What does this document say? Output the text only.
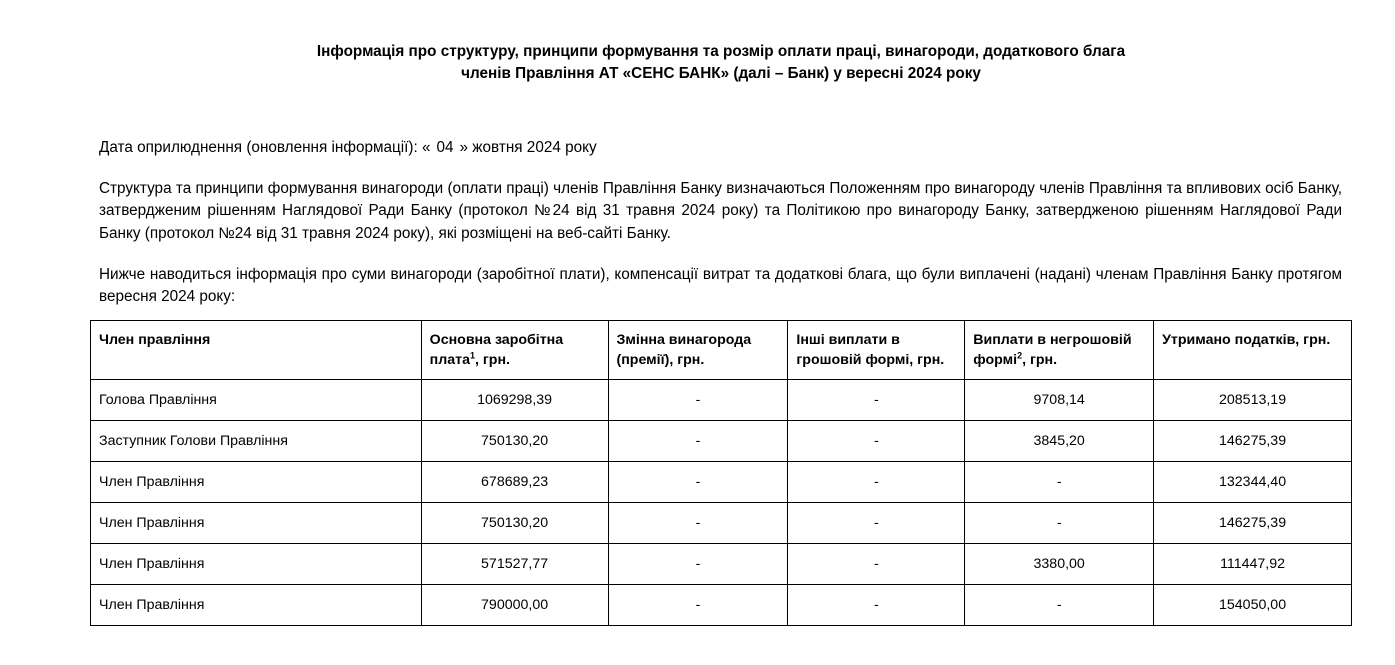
Інформація про структуру, принципи формування та розмір оплати праці, винагороди, додаткового блага
членів Правління АТ «СЕНС БАНК» (далі – Банк) у вересні 2024 року
Дата оприлюднення (оновлення інформації): « 04 » жовтня 2024 року
Структура та принципи формування винагороди (оплати праці) членів Правління Банку визначаються Положенням про винагороду членів Правління та впливових осіб Банку, затвердженим рішенням Наглядової Ради Банку (протокол №24 від 31 травня 2024 року) та Політикою про винагороду Банку, затвердженою рішенням Наглядової Ради Банку (протокол №24 від 31 травня 2024 року), які розміщені на веб-сайті Банку.
Нижче наводиться інформація про суми винагороди (заробітної плати), компенсації витрат та додаткові блага, що були виплачені (надані) членам Правління Банку протягом вересня 2024 року:
Член правління	Основна заробітна плата$^1$, грн.	Змінна винагорода (премії), грн.	Інші виплати в грошовій формі, грн.	Виплати в негрошовій формі$^2$, грн.	Утримано податків, грн.
Голова Правління	1069298,39	-	-	9708,14	208513,19
Заступник Голови Правління	750130,20	-	-	3845,20	146275,39
Член Правління	678689,23	-	-	-	132344,40
Член Правління	750130,20	-	-	-	146275,39
Член Правління	571527,77	-	-	3380,00	111447,92
Член Правління	790000,00	-	-	-	154050,00
